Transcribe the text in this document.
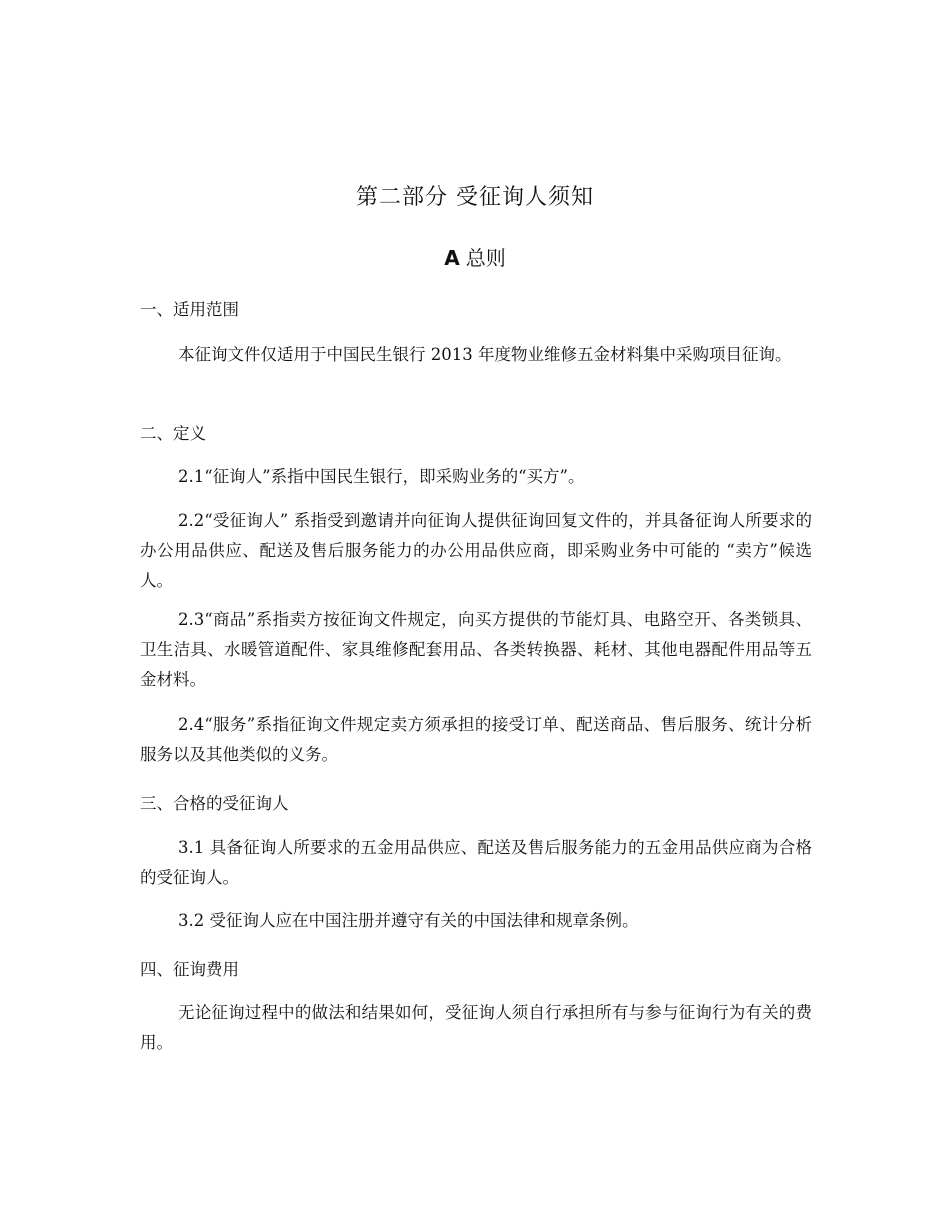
第二部分 受征询人须知
A 总则
一、适用范围
本征询文件仅适用于中国民生银行 2013 年度物业维修五金材料集中采购项目征询。
二、定义
2.1“征询人”系指中国民生银行，即采购业务的“买方”。
2.2“受征询人” 系指受到邀请并向征询人提供征询回复文件的，并具备征询人所要求的办公用品供应、配送及售后服务能力的办公用品供应商，即采购业务中可能的 “卖方”候选人。
2.3“商品”系指卖方按征询文件规定，向买方提供的节能灯具、电路空开、各类锁具、卫生洁具、水暖管道配件、家具维修配套用品、各类转换器、耗材、其他电器配件用品等五金材料。
2.4“服务”系指征询文件规定卖方须承担的接受订单、配送商品、售后服务、统计分析服务以及其他类似的义务。
三、合格的受征询人
3.1 具备征询人所要求的五金用品供应、配送及售后服务能力的五金用品供应商为合格的受征询人。
3.2 受征询人应在中国注册并遵守有关的中国法律和规章条例。
四、征询费用
无论征询过程中的做法和结果如何，受征询人须自行承担所有与参与征询行为有关的费用。
